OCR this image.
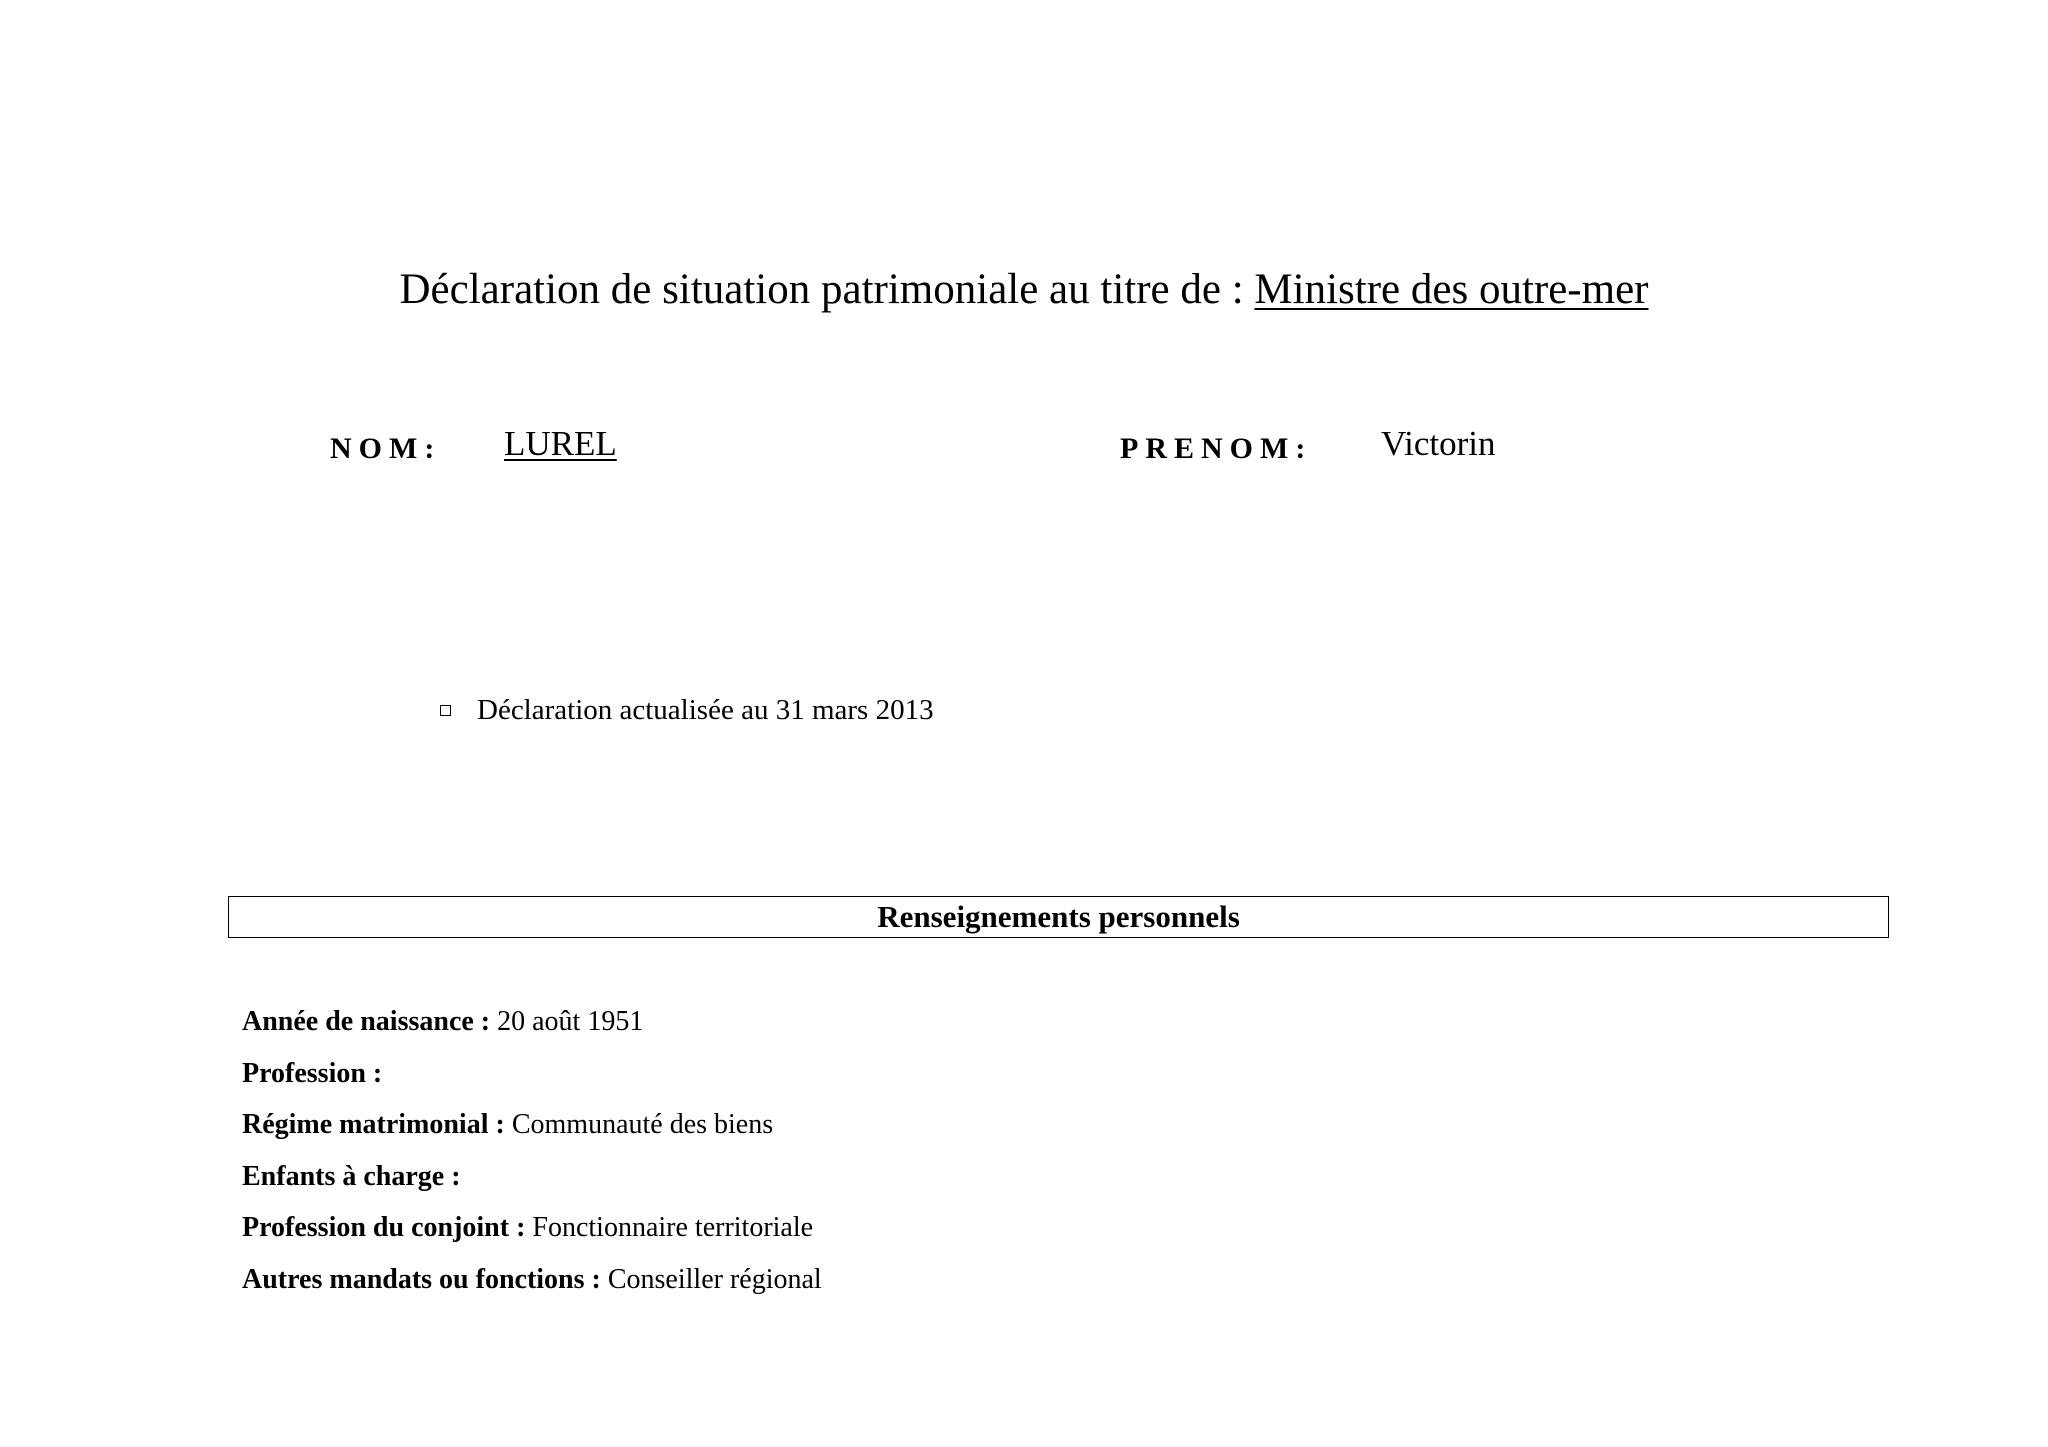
Déclaration de situation patrimoniale au titre de : Ministre des outre-mer
NOM: LUREL	PRENOM: Victorin
Déclaration actualisée au 31 mars 2013
Renseignements personnels
Année de naissance : 20 août 1951
Profession :
Régime matrimonial : Communauté des biens
Enfants à charge :
Profession du conjoint : Fonctionnaire territoriale
Autres mandats ou fonctions : Conseiller régional
